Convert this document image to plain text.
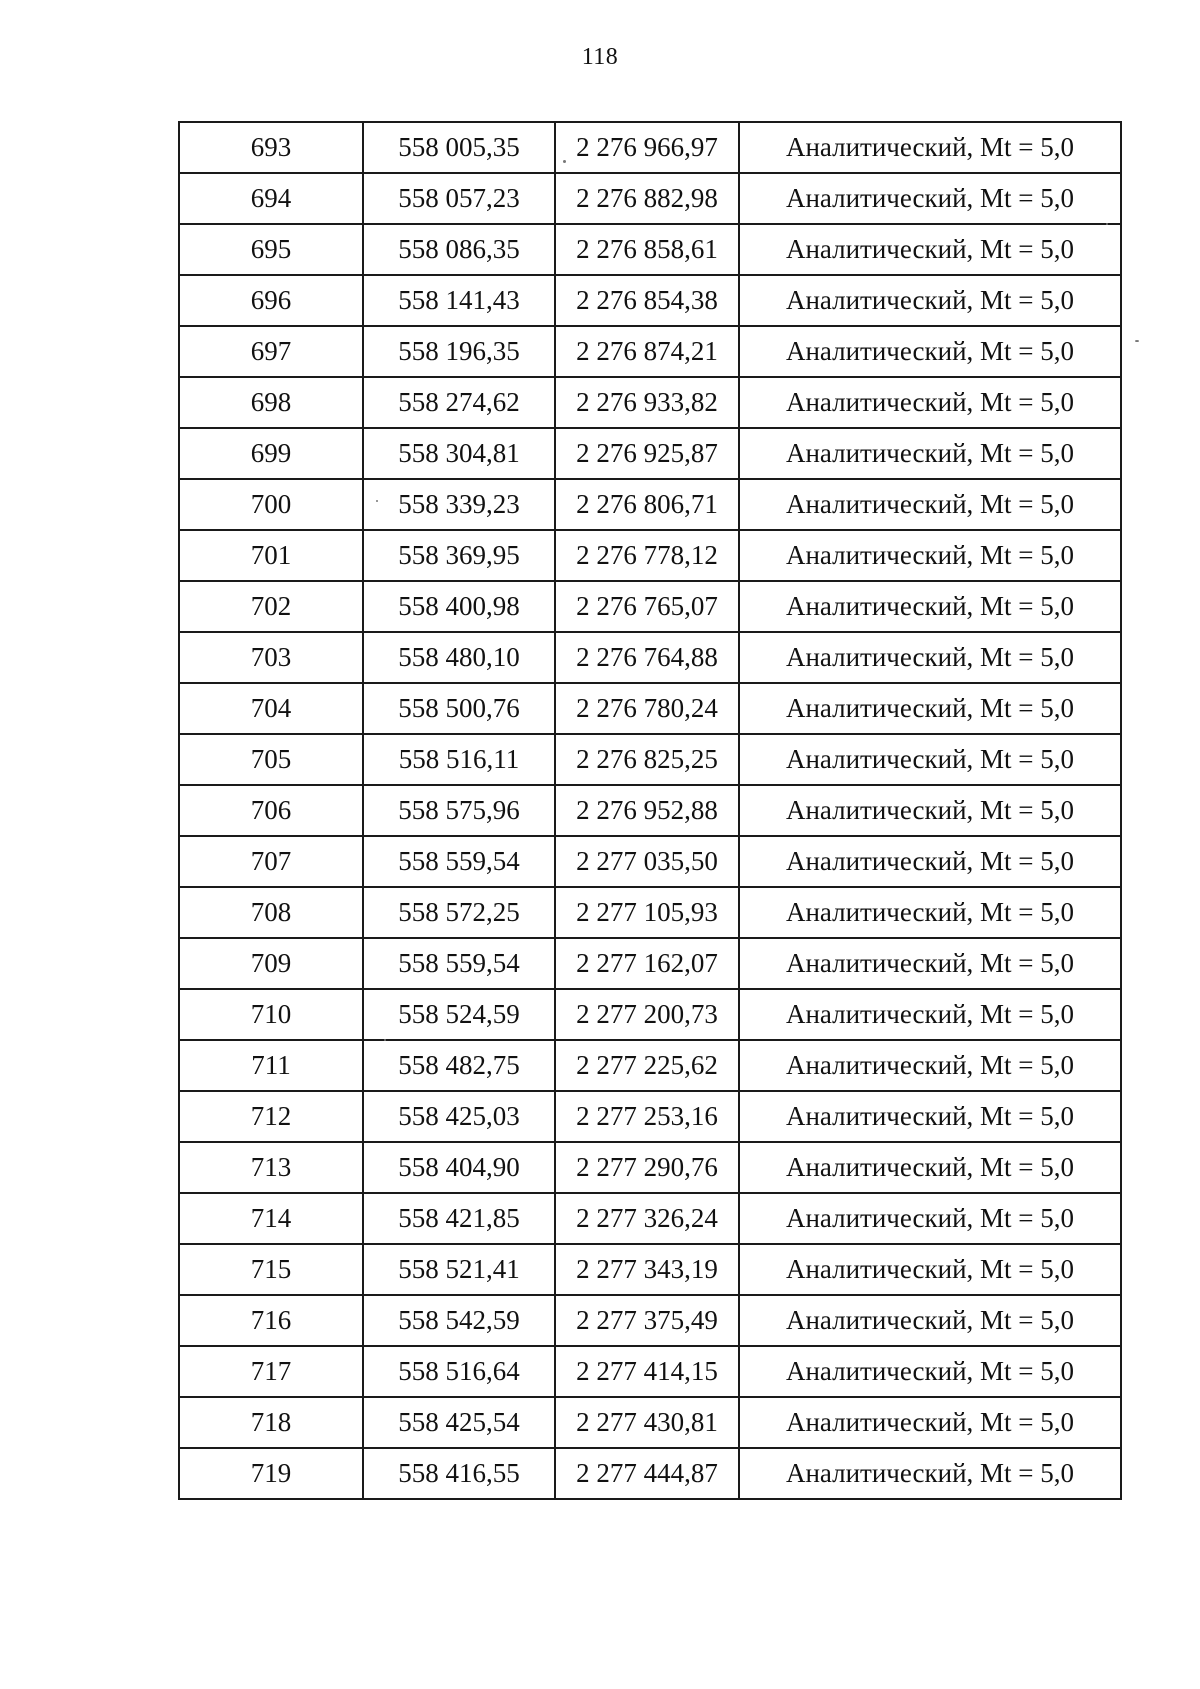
118
693	558 005,35	2 276 966,97	Аналитический, Mt = 5,0
694	558 057,23	2 276 882,98	Аналитический, Mt = 5,0
695	558 086,35	2 276 858,61	Аналитический, Mt = 5,0
696	558 141,43	2 276 854,38	Аналитический, Mt = 5,0
697	558 196,35	2 276 874,21	Аналитический, Mt = 5,0
698	558 274,62	2 276 933,82	Аналитический, Mt = 5,0
699	558 304,81	2 276 925,87	Аналитический, Mt = 5,0
700	558 339,23	2 276 806,71	Аналитический, Mt = 5,0
701	558 369,95	2 276 778,12	Аналитический, Mt = 5,0
702	558 400,98	2 276 765,07	Аналитический, Mt = 5,0
703	558 480,10	2 276 764,88	Аналитический, Mt = 5,0
704	558 500,76	2 276 780,24	Аналитический, Mt = 5,0
705	558 516,11	2 276 825,25	Аналитический, Mt = 5,0
706	558 575,96	2 276 952,88	Аналитический, Mt = 5,0
707	558 559,54	2 277 035,50	Аналитический, Mt = 5,0
708	558 572,25	2 277 105,93	Аналитический, Mt = 5,0
709	558 559,54	2 277 162,07	Аналитический, Mt = 5,0
710	558 524,59	2 277 200,73	Аналитический, Mt = 5,0
711	558 482,75	2 277 225,62	Аналитический, Mt = 5,0
712	558 425,03	2 277 253,16	Аналитический, Mt = 5,0
713	558 404,90	2 277 290,76	Аналитический, Mt = 5,0
714	558 421,85	2 277 326,24	Аналитический, Mt = 5,0
715	558 521,41	2 277 343,19	Аналитический, Mt = 5,0
716	558 542,59	2 277 375,49	Аналитический, Mt = 5,0
717	558 516,64	2 277 414,15	Аналитический, Mt = 5,0
718	558 425,54	2 277 430,81	Аналитический, Mt = 5,0
719	558 416,55	2 277 444,87	Аналитический, Mt = 5,0
